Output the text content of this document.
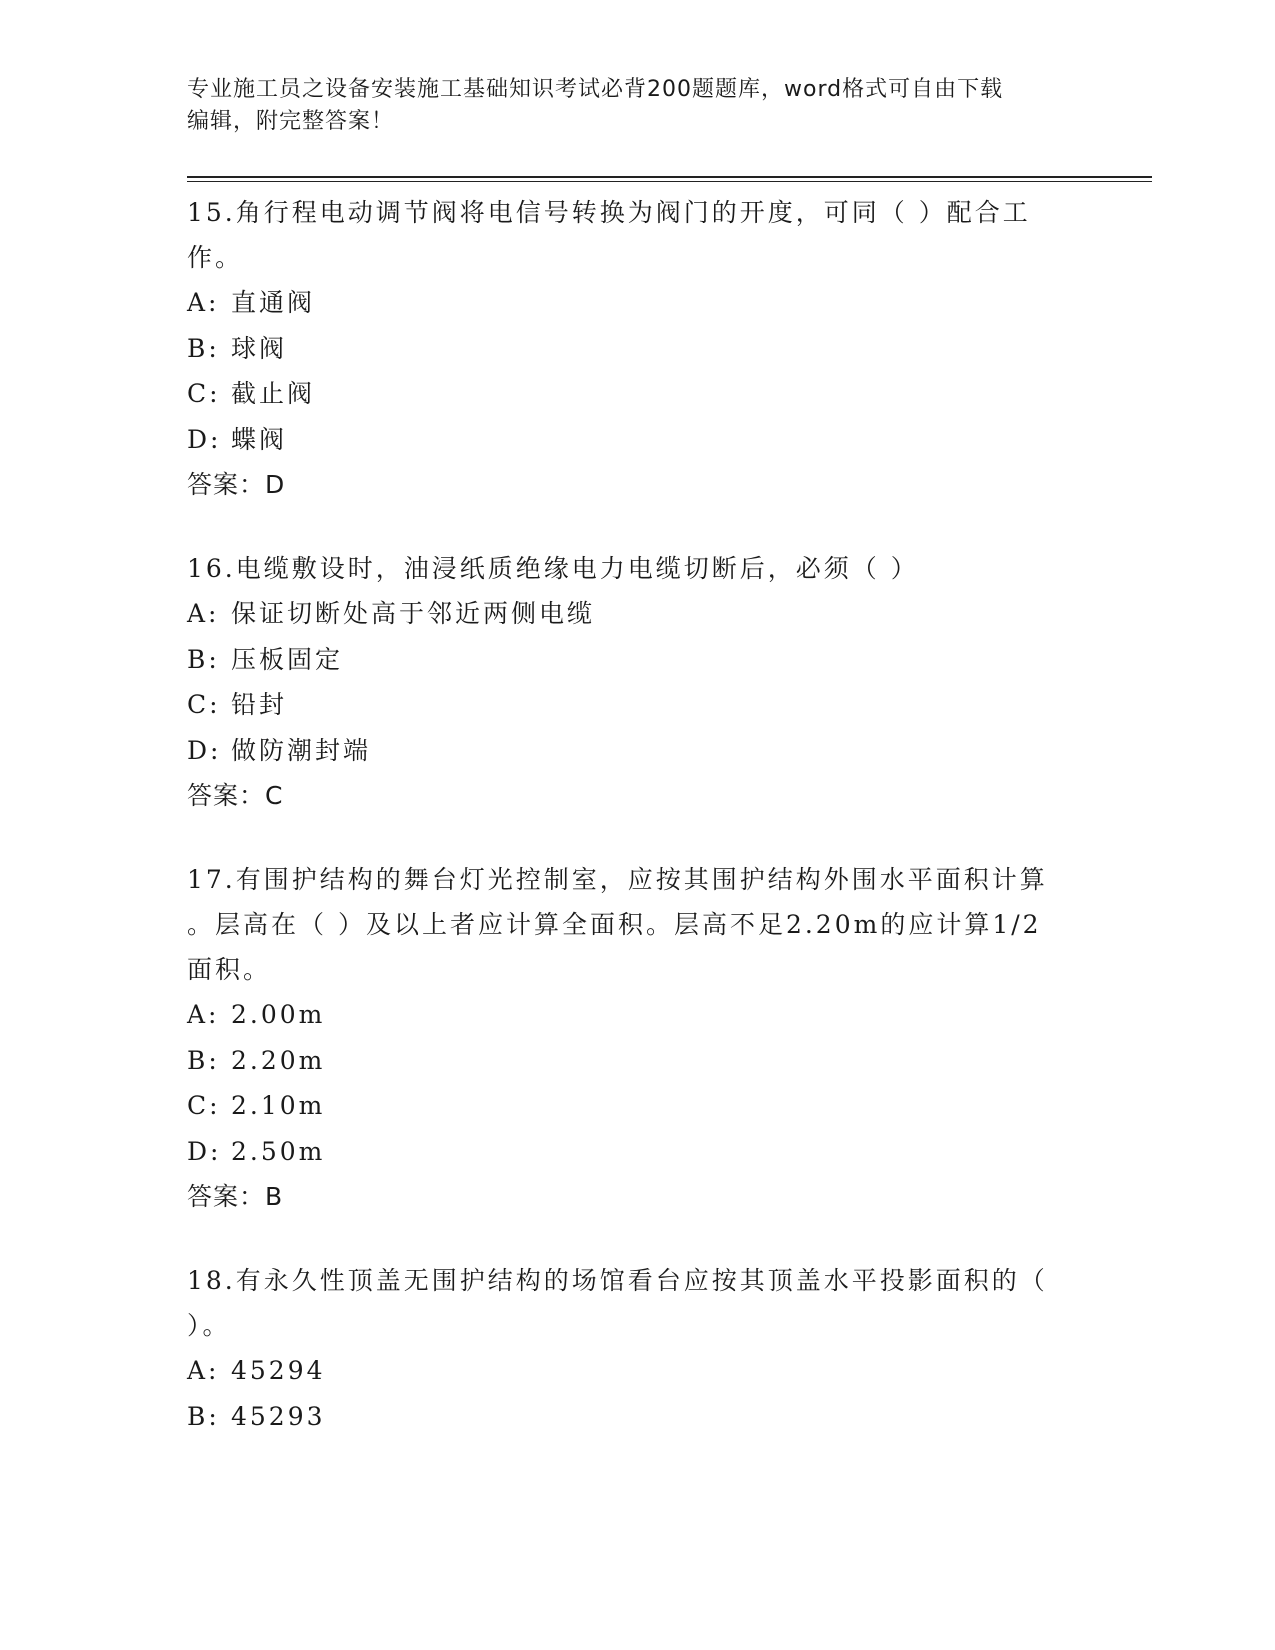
专业施工员之设备安装施工基础知识考试必背200题题库，word格式可自由下载
编辑，附完整答案！

15.角行程电动调节阀将电信号转换为阀门的开度，可同（ ）配合工

作。

A: 直通阀

B: 球阀

C: 截止阀

D: 蝶阀

答案：D

16.电缆敷设时，油浸纸质绝缘电力电缆切断后，必须（ ）

A: 保证切断处高于邻近两侧电缆

B: 压板固定

C: 铅封

D: 做防潮封端

答案：C

17.有围护结构的舞台灯光控制室，应按其围护结构外围水平面积计算

。层高在（ ）及以上者应计算全面积。层高不足2.20m的应计算1/2

面积。

A: 2.00m

B: 2.20m

C: 2.10m

D: 2.50m

答案：B

18.有永久性顶盖无围护结构的场馆看台应按其顶盖水平投影面积的（

）。

A: 45294

B: 45293
